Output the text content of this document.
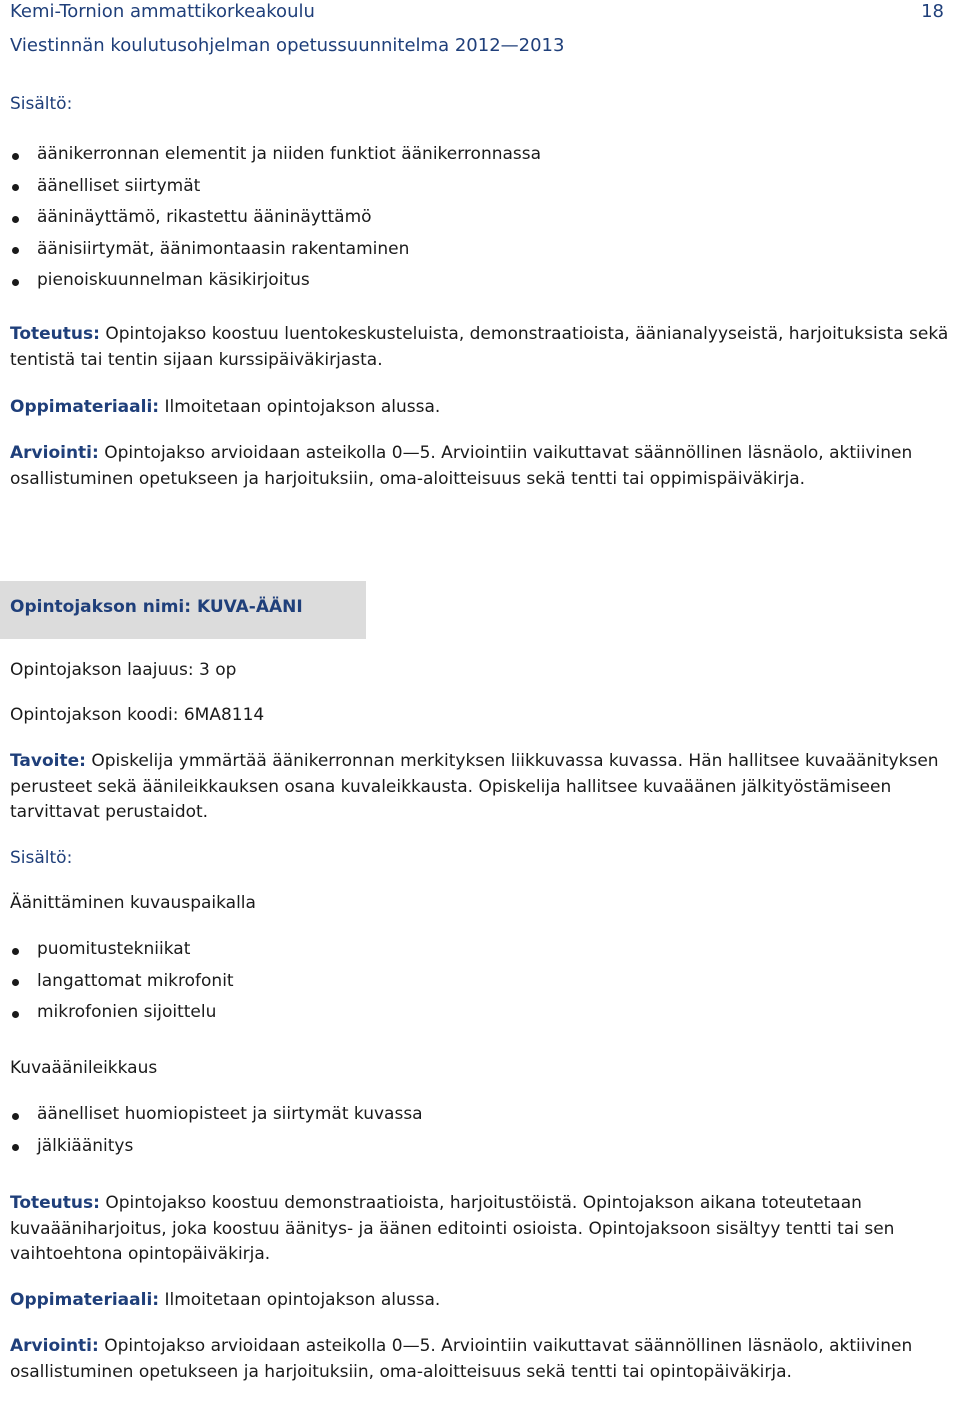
Kemi-Tornion ammattikorkeakoulu	18
Viestinnän koulutusohjelman opetussuunnitelma 2012—2013
Sisältö:
äänikerronnan elementit ja niiden funktiot äänikerronnassa
äänelliset siirtymät
ääninäyttämö, rikastettu ääninäyttämö
äänisiirtymät, äänimontaasin rakentaminen
pienoiskuunnelman käsikirjoitus
Toteutus: Opintojakso koostuu luentokeskusteluista, demonstraatioista, äänianalyyseistä, harjoituksista sekä tentistä tai tentin sijaan kurssipäiväkirjasta.
Oppimateriaali: Ilmoitetaan opintojakson alussa.
Arviointi: Opintojakso arvioidaan asteikolla 0—5. Arviointiin vaikuttavat säännöllinen läsnäolo, aktiivinen osallistuminen opetukseen ja harjoituksiin, oma-aloitteisuus sekä tentti tai oppimispäiväkirja.
Opintojakson nimi: KUVA-ÄÄNI
Opintojakson laajuus: 3 op
Opintojakson koodi: 6MA8114
Tavoite: Opiskelija ymmärtää äänikerronnan merkityksen liikkuvassa kuvassa. Hän hallitsee kuvaäänityksen perusteet sekä äänileikkauksen osana kuvaleikkausta. Opiskelija hallitsee kuvaäänen jälkityöstämiseen tarvittavat perustaidot.
Sisältö:
Äänittäminen kuvauspaikalla
puomitustekniikat
langattomat mikrofonit
mikrofonien sijoittelu
Kuvaäänileikkaus
äänelliset huomiopisteet ja siirtymät kuvassa
jälkiäänitys
Toteutus: Opintojakso koostuu demonstraatioista, harjoitustöistä. Opintojakson aikana toteutetaan kuvaääniharjoitus, joka koostuu äänitys- ja äänen editointi osioista. Opintojaksoon sisältyy tentti tai sen vaihtoehtona opintopäiväkirja.
Oppimateriaali: Ilmoitetaan opintojakson alussa.
Arviointi: Opintojakso arvioidaan asteikolla 0—5. Arviointiin vaikuttavat säännöllinen läsnäolo, aktiivinen osallistuminen opetukseen ja harjoituksiin, oma-aloitteisuus sekä tentti tai opintopäiväkirja.
